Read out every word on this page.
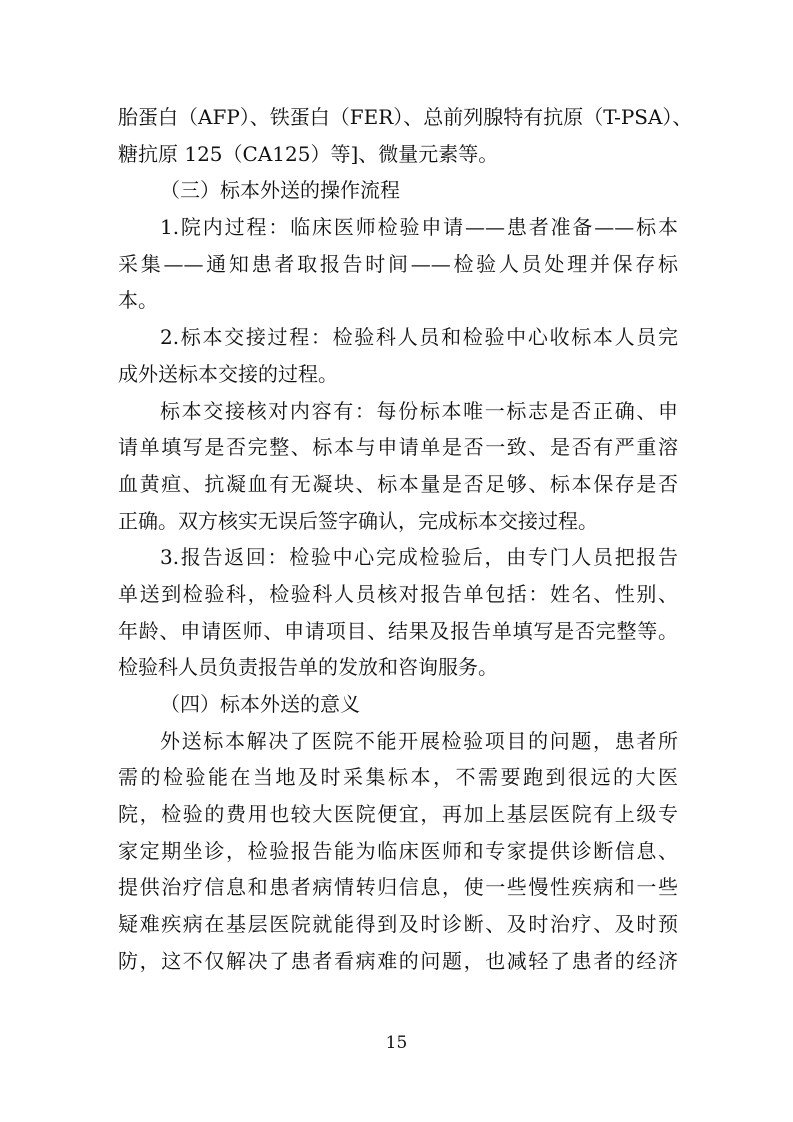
胎蛋白（AFP）、铁蛋白（FER）、总前列腺特有抗原（T-PSA）、
糖抗原 125（CA125）等]、微量元素等。
（三）标本外送的操作流程
1.院内过程：临床医师检验申请——患者准备——标本
采集——通知患者取报告时间——检验人员处理并保存标
本。
2.标本交接过程：检验科人员和检验中心收标本人员完
成外送标本交接的过程。
标本交接核对内容有：每份标本唯一标志是否正确、申
请单填写是否完整、标本与申请单是否一致、是否有严重溶
血黄疸、抗凝血有无凝块、标本量是否足够、标本保存是否
正确。双方核实无误后签字确认，完成标本交接过程。
3.报告返回：检验中心完成检验后，由专门人员把报告
单送到检验科，检验科人员核对报告单包括：姓名、性别、
年龄、申请医师、申请项目、结果及报告单填写是否完整等。
检验科人员负责报告单的发放和咨询服务。
（四）标本外送的意义
外送标本解决了医院不能开展检验项目的问题，患者所
需的检验能在当地及时采集标本，不需要跑到很远的大医
院，检验的费用也较大医院便宜，再加上基层医院有上级专
家定期坐诊，检验报告能为临床医师和专家提供诊断信息、
提供治疗信息和患者病情转归信息，使一些慢性疾病和一些
疑难疾病在基层医院就能得到及时诊断、及时治疗、及时预
防，这不仅解决了患者看病难的问题，也减轻了患者的经济
15
